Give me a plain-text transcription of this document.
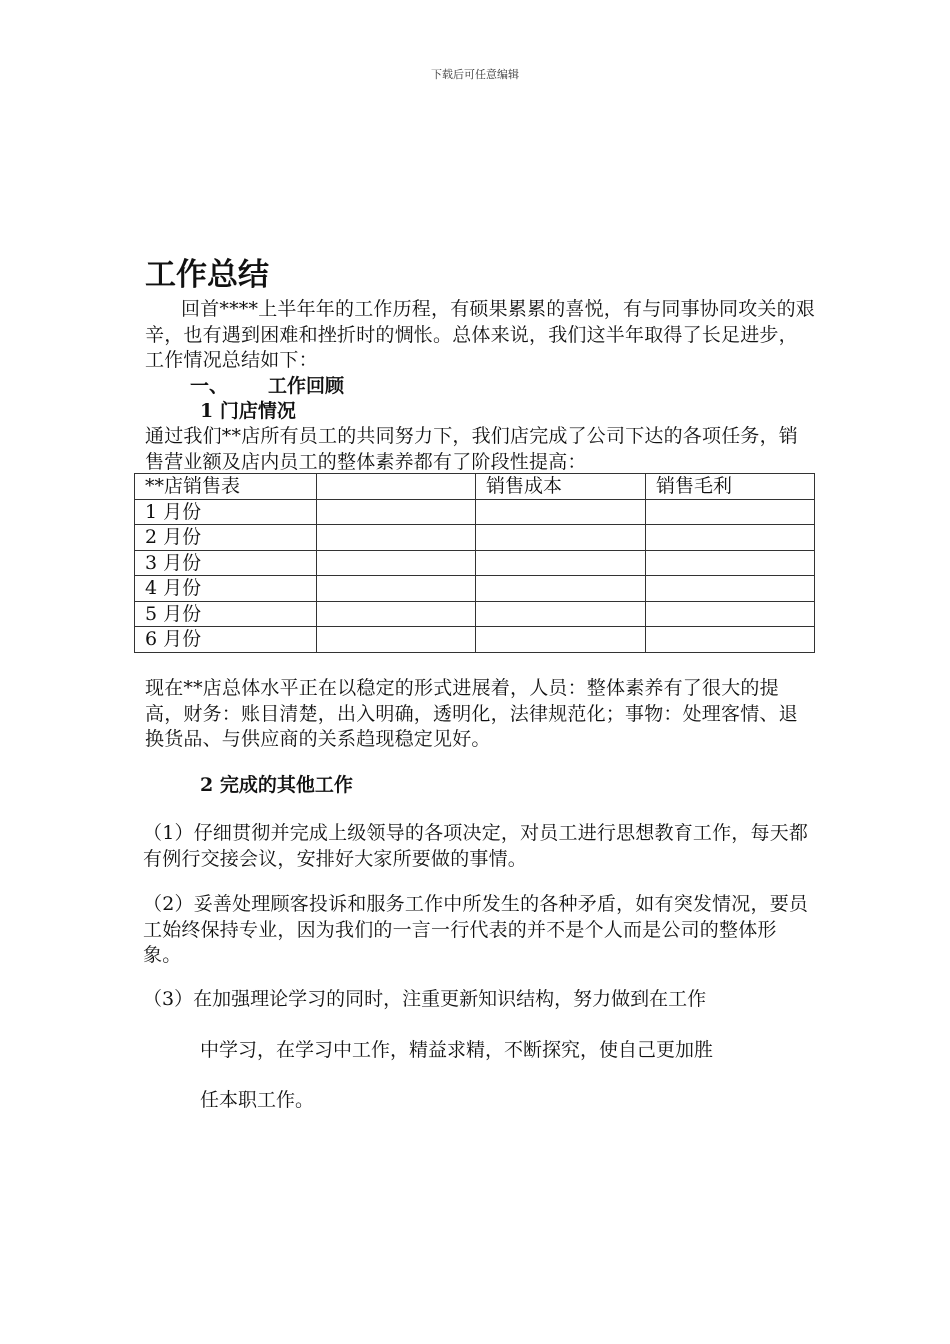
下载后可任意编辑
工作总结

回首****上半年年的工作历程，有硕果累累的喜悦，有与同事协同攻关的艰辛，也有遇到困难和挫折时的惆怅。总体来说，我们这半年取得了长足进步，工作情况总结如下：

一、 工作回顾
1 门店情况

通过我们**店所有员工的共同努力下，我们店完成了公司下达的各项任务，销售营业额及店内员工的整体素养都有了阶段性提高：

**店销售表		销售成本	销售毛利
1 月份			
2 月份			
3 月份			
4 月份			
5 月份			
6 月份			

现在**店总体水平正在以稳定的形式进展着，人员：整体素养有了很大的提高，财务：账目清楚，出入明确，透明化，法律规范化；事物：处理客情、退换货品、与供应商的关系趋现稳定见好。

2 完成的其他工作

（1）仔细贯彻并完成上级领导的各项决定，对员工进行思想教育工作，每天都有例行交接会议，安排好大家所要做的事情。

（2）妥善处理顾客投诉和服务工作中所发生的各种矛盾，如有突发情况，要员工始终保持专业，因为我们的一言一行代表的并不是个人而是公司的整体形象。

（3）在加强理论学习的同时，注重更新知识结构，努力做到在工作
中学习，在学习中工作，精益求精，不断探究，使自己更加胜
任本职工作。
